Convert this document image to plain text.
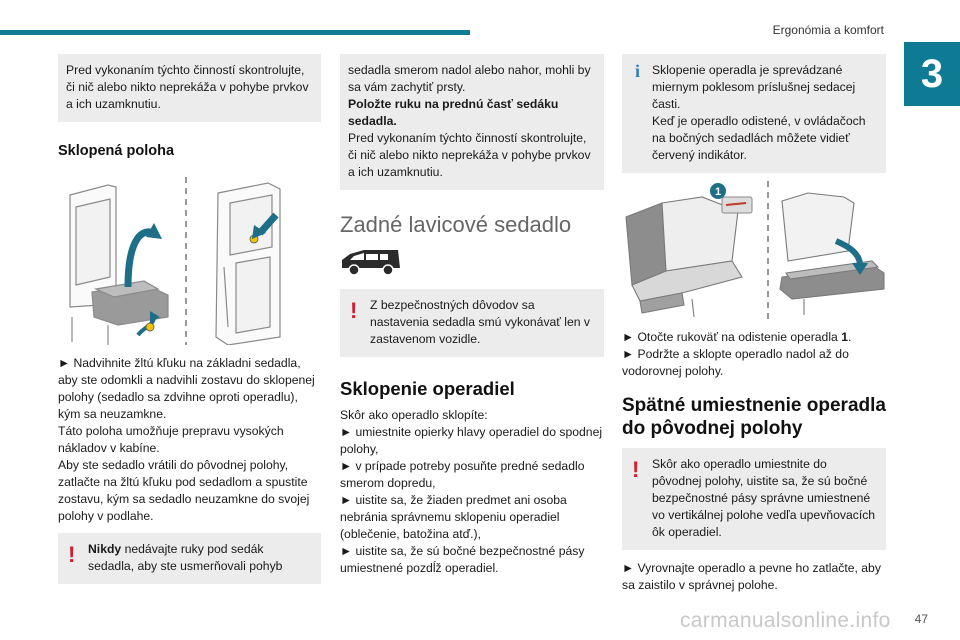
Ergonómia a komfort
3

Pred vykonaním týchto činností skontrolujte, či nič alebo nikto neprekáža v pohybe prvkov a ich uzamknutiu.

Sklopená poloha

► Nadvihnite žltú kľuku na základni sedadla, aby ste odomkli a nadvihli zostavu do sklopenej polohy (sedadlo sa zdvihne oproti operadlu), kým sa neuzamkne.

Táto poloha umožňuje prepravu vysokých nákladov v kabíne.

Aby ste sedadlo vrátili do pôvodnej polohy, zatlačte na žltú kľuku pod sedadlom a spustite zostavu, kým sa sedadlo neuzamkne do svojej polohy v podlahe.

! Nikdy nedávajte ruky pod sedák sedadla, aby ste usmerňovali pohyb

sedadla smerom nadol alebo nahor, mohli by sa vám zachytiť prsty.

Položte ruku na prednú časť sedáku sedadla.

Pred vykonaním týchto činností skontrolujte, či nič alebo nikto neprekáža v pohybe prvkov a ich uzamknutiu.

Zadné lavicové sedadlo
! Z bezpečnostných dôvodov sa nastavenia sedadla smú vykonávať len v zastavenom vozidle.

Sklopenie operadiel

Skôr ako operadlo sklopíte:

► umiestnite opierky hlavy operadiel do spodnej polohy,

► v prípade potreby posuňte predné sedadlo smerom dopredu,

► uistite sa, že žiaden predmet ani osoba nebránia správnemu sklopeniu operadiel (oblečenie, batožina atď.),

► uistite sa, že sú bočné bezpečnostné pásy umiestnené pozdĺž operadiel.

i Sklopenie operadla je sprevádzané miernym poklesom príslušnej sedacej časti.
Keď je operadlo odistené, v ovládačoch na bočných sedadlách môžete vidieť červený indikátor.

1

► Otočte rukoväť na odistenie operadla 1.

► Podržte a sklopte operadlo nadol až do vodorovnej polohy.

Spätné umiestnenie operadla do pôvodnej polohy
! Skôr ako operadlo umiestnite do pôvodnej polohy, uistite sa, že sú bočné bezpečnostné pásy správne umiestnené vo vertikálnej polohe vedľa upevňovacích ôk operadiel.

► Vyrovnajte operadlo a pevne ho zatlačte, aby sa zaistilo v správnej polohe.

carmanualsonline.info 47
